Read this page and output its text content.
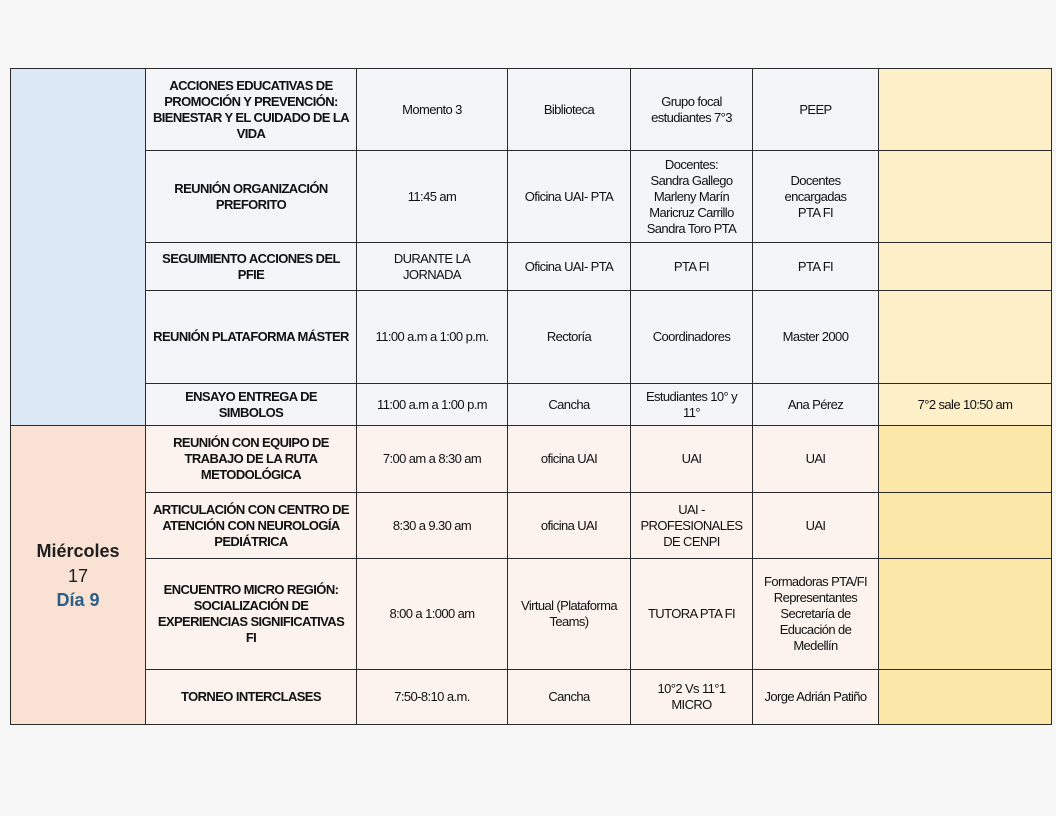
	ACCIONES EDUCATIVAS DE
PROMOCIÓN Y PREVENCIÓN:
BIENESTAR Y EL CUIDADO DE LA
VIDA	Momento 3	Biblioteca	Grupo focal
estudiantes 7°3	PEEP	

	REUNIÓN ORGANIZACIÓN
PREFORITO	11:45 am	Oficina UAI- PTA	Docentes:
Sandra Gallego
Marleny Marín
Maricruz Carrillo
Sandra Toro PTA	Docentes
encargadas
PTA FI	

	SEGUIMIENTO ACCIONES DEL
PFIE	DURANTE LA
JORNADA	Oficina UAI- PTA	PTA FI	PTA FI	

	REUNIÓN PLATAFORMA MÁSTER	11:00 a.m a 1:00 p.m.	Rectoría	Coordinadores	Master 2000	

	ENSAYO ENTREGA DE
SIMBOLOS	11:00 a.m a 1:00 p.m	Cancha	Estudiantes 10° y
11°	Ana Pérez	7°2 sale 10:50 am

Miércoles
17
Día 9	REUNIÓN CON EQUIPO DE
TRABAJO DE LA RUTA
METODOLÓGICA	7:00 am a 8:30 am	oficina UAI	UAI	UAI	

	ARTICULACIÓN CON CENTRO DE
ATENCIÓN CON NEUROLOGÍA
PEDIÁTRICA	8:30 a 9.30 am	oficina UAI	UAI -
PROFESIONALES
DE CENPI	UAI	

	ENCUENTRO MICRO REGIÓN:
SOCIALIZACIÓN DE
EXPERIENCIAS SIGNIFICATIVAS
FI	8:00 a 1:000 am	Virtual (Plataforma
Teams)	TUTORA PTA FI	Formadoras PTA/FI
Representantes
Secretaría de
Educación de
Medellín	

	TORNEO INTERCLASES	7:50-8:10 a.m.	Cancha	10°2 Vs 11°1
MICRO	Jorge Adrián Patiño	
